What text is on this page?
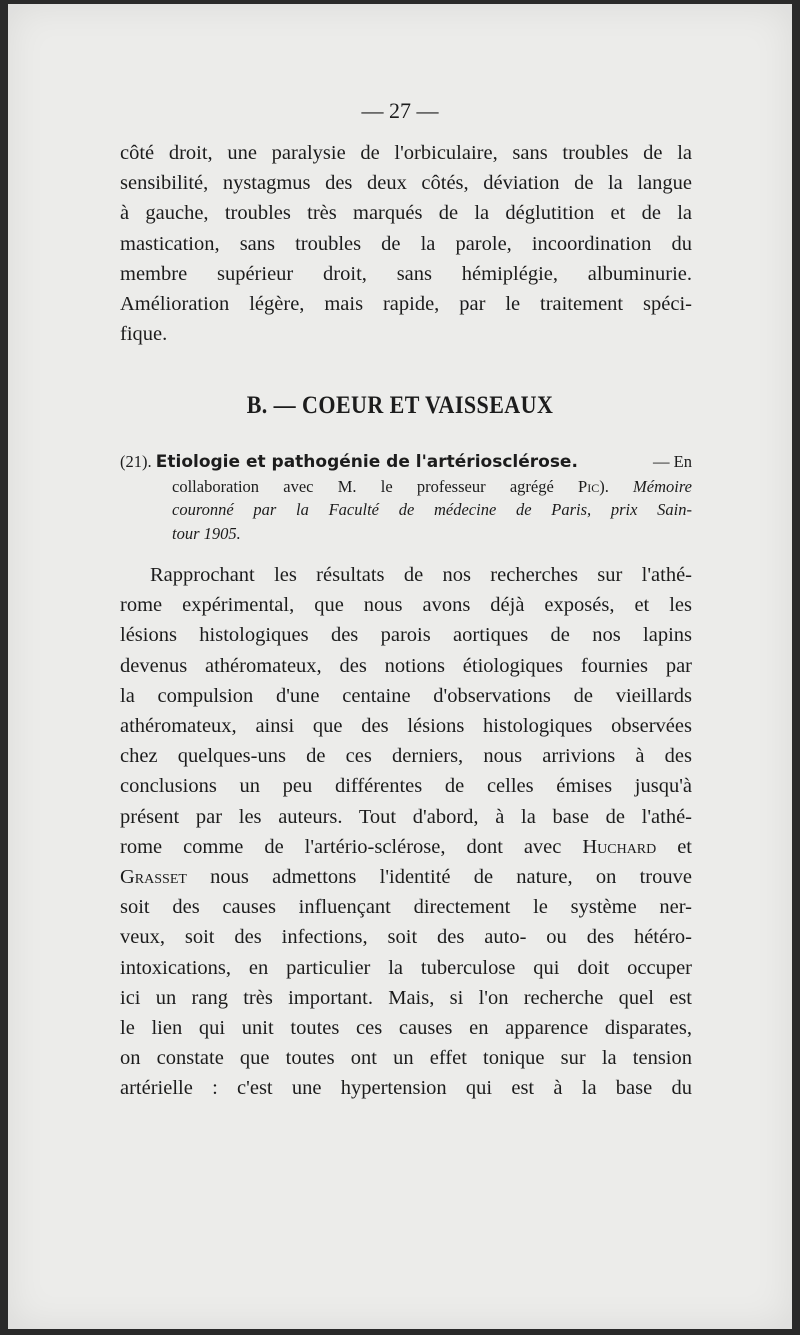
— 27 —
côté droit, une paralysie de l'orbiculaire, sans troubles de la
sensibilité, nystagmus des deux côtés, déviation de la langue
à gauche, troubles très marqués de la déglutition et de la
mastication, sans troubles de la parole, incoordination du
membre supérieur droit, sans hémiplégie, albuminurie.
Amélioration légère, mais rapide, par le traitement spéci-
fique.
B. — COEUR ET VAISSEAUX
(21). Etiologie et pathogénie de l'artériosclérose.	— En
collaboration avec M. le professeur agrégé Pic). Mémoire
couronné par la Faculté de médecine de Paris, prix Sain-
tour 1905.
Rapprochant les résultats de nos recherches sur l'athé-
rome expérimental, que nous avons déjà exposés, et les
lésions histologiques des parois aortiques de nos lapins
devenus athéromateux, des notions étiologiques fournies par
la compulsion d'une centaine d'observations de vieillards
athéromateux, ainsi que des lésions histologiques observées
chez quelques-uns de ces derniers, nous arrivions à des
conclusions un peu différentes de celles émises jusqu'à
présent par les auteurs. Tout d'abord, à la base de l'athé-
rome comme de l'artério-sclérose, dont avec Huchard et
Grasset nous admettons l'identité de nature, on trouve
soit des causes influençant directement le système ner-
veux, soit des infections, soit des auto- ou des hétéro-
intoxications, en particulier la tuberculose qui doit occuper
ici un rang très important. Mais, si l'on recherche quel est
le lien qui unit toutes ces causes en apparence disparates,
on constate que toutes ont un effet tonique sur la tension
artérielle : c'est une hypertension qui est à la base du
